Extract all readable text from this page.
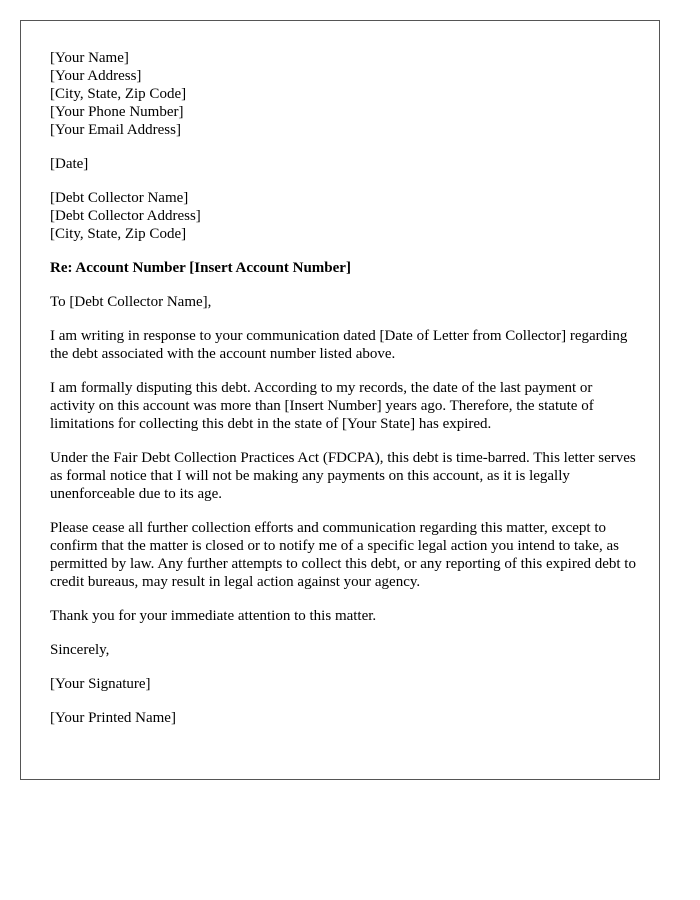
[Your Name]
[Your Address]
[City, State, Zip Code]
[Your Phone Number]
[Your Email Address]
[Date]
[Debt Collector Name]
[Debt Collector Address]
[City, State, Zip Code]
Re: Account Number [Insert Account Number]
To [Debt Collector Name],

I am writing in response to your communication dated [Date of Letter from Collector] regarding the debt associated with the account number listed above.

I am formally disputing this debt. According to my records, the date of the last payment or activity on this account was more than [Insert Number] years ago. Therefore, the statute of limitations for collecting this debt in the state of [Your State] has expired.

Under the Fair Debt Collection Practices Act (FDCPA), this debt is time-barred. This letter serves as formal notice that I will not be making any payments on this account, as it is legally unenforceable due to its age.

Please cease all further collection efforts and communication regarding this matter, except to confirm that the matter is closed or to notify me of a specific legal action you intend to take, as permitted by law. Any further attempts to collect this debt, or any reporting of this expired debt to credit bureaus, may result in legal action against your agency.

Thank you for your immediate attention to this matter.

Sincerely,
[Your Signature]
[Your Printed Name]
